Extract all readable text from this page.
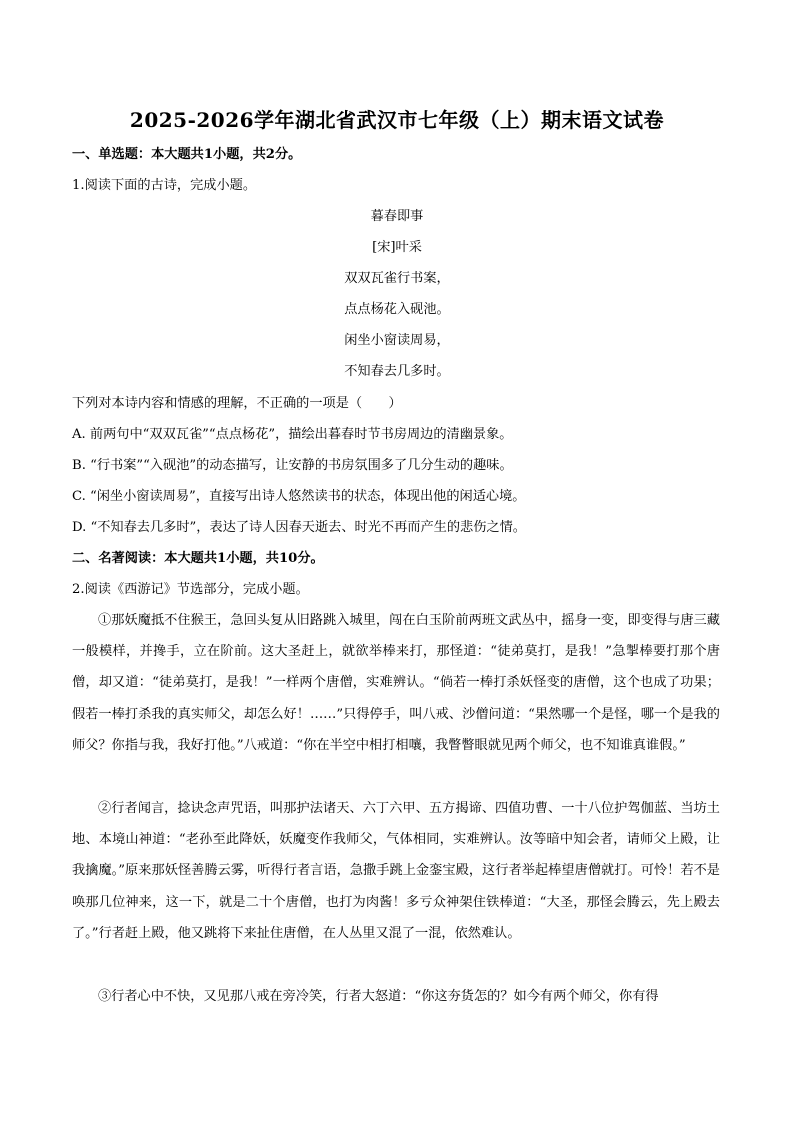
2025-2026学年湖北省武汉市七年级（上）期末语文试卷
一、单选题：本大题共1小题，共2分。
1.阅读下面的古诗，完成小题。
暮春即事
[宋]叶采
双双瓦雀行书案，
点点杨花入砚池。
闲坐小窗读周易，
不知春去几多时。
下列对本诗内容和情感的理解，不正确的一项是（　　）
A. 前两句中“双双瓦雀”“点点杨花”，描绘出暮春时节书房周边的清幽景象。
B. “行书案”“入砚池”的动态描写，让安静的书房氛围多了几分生动的趣味。
C. “闲坐小窗读周易”，直接写出诗人悠然读书的状态，体现出他的闲适心境。
D. “不知春去几多时”，表达了诗人因春天逝去、时光不再而产生的悲伤之情。
二、名著阅读：本大题共1小题，共10分。
2.阅读《西游记》节选部分，完成小题。
①那妖魔抵不住猴王，急回头复从旧路跳入城里，闯在白玉阶前两班文武丛中，摇身一变，即变得与唐三藏一般模样，并搀手，立在阶前。这大圣赶上，就欲举棒来打，那怪道：“徒弟莫打，是我！”急掣棒要打那个唐僧，却又道：“徒弟莫打，是我！”一样两个唐僧，实难辨认。“倘若一棒打杀妖怪变的唐僧，这个也成了功果；假若一棒打杀我的真实师父，却怎么好！……”只得停手，叫八戒、沙僧问道：“果然哪一个是怪，哪一个是我的师父？你指与我，我好打他。”八戒道：“你在半空中相打相嚷，我瞥瞥眼就见两个师父，也不知谁真谁假。”
②行者闻言，捻诀念声咒语，叫那护法诸天、六丁六甲、五方揭谛、四值功曹、一十八位护驾伽蓝、当坊土地、本境山神道：“老孙至此降妖，妖魔变作我师父，气体相同，实难辨认。汝等暗中知会者，请师父上殿，让我擒魔。”原来那妖怪善腾云雾，听得行者言语，急撒手跳上金銮宝殿，这行者举起棒望唐僧就打。可怜！若不是唤那几位神来，这一下，就是二十个唐僧，也打为肉酱！多亏众神架住铁棒道：“大圣，那怪会腾云，先上殿去了。”行者赶上殿，他又跳将下来扯住唐僧，在人丛里又混了一混，依然难认。
③行者心中不快，又见那八戒在旁冷笑，行者大怒道：“你这夯货怎的？如今有两个师父，你有得
